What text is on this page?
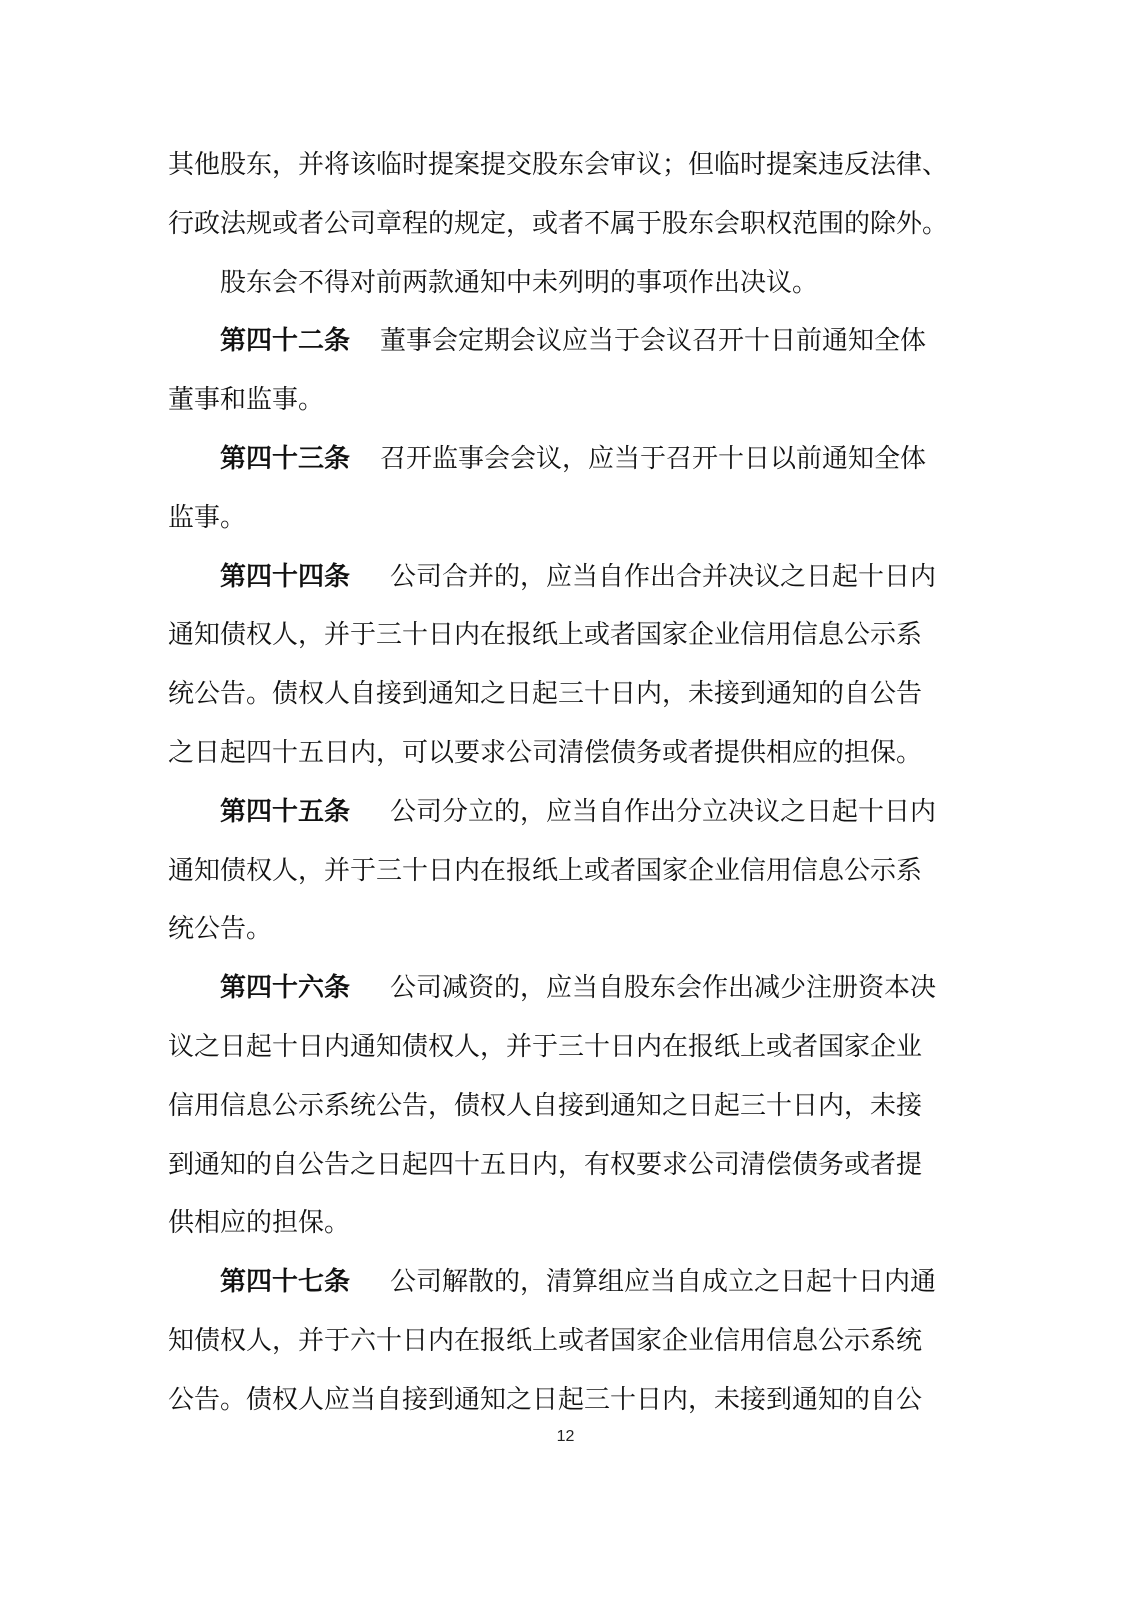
其他股东，并将该临时提案提交股东会审议；但临时提案违反法律、
行政法规或者公司章程的规定，或者不属于股东会职权范围的除外。
股东会不得对前两款通知中未列明的事项作出决议。
第四十二条 董事会定期会议应当于会议召开十日前通知全体
董事和监事。
第四十三条 召开监事会会议，应当于召开十日以前通知全体
监事。
第四十四条 公司合并的，应当自作出合并决议之日起十日内
通知债权人，并于三十日内在报纸上或者国家企业信用信息公示系
统公告。债权人自接到通知之日起三十日内，未接到通知的自公告
之日起四十五日内，可以要求公司清偿债务或者提供相应的担保。
第四十五条 公司分立的，应当自作出分立决议之日起十日内
通知债权人，并于三十日内在报纸上或者国家企业信用信息公示系
统公告。
第四十六条 公司减资的，应当自股东会作出减少注册资本决
议之日起十日内通知债权人，并于三十日内在报纸上或者国家企业
信用信息公示系统公告，债权人自接到通知之日起三十日内，未接
到通知的自公告之日起四十五日内，有权要求公司清偿债务或者提
供相应的担保。
第四十七条 公司解散的，清算组应当自成立之日起十日内通
知债权人，并于六十日内在报纸上或者国家企业信用信息公示系统
公告。债权人应当自接到通知之日起三十日内，未接到通知的自公
12
